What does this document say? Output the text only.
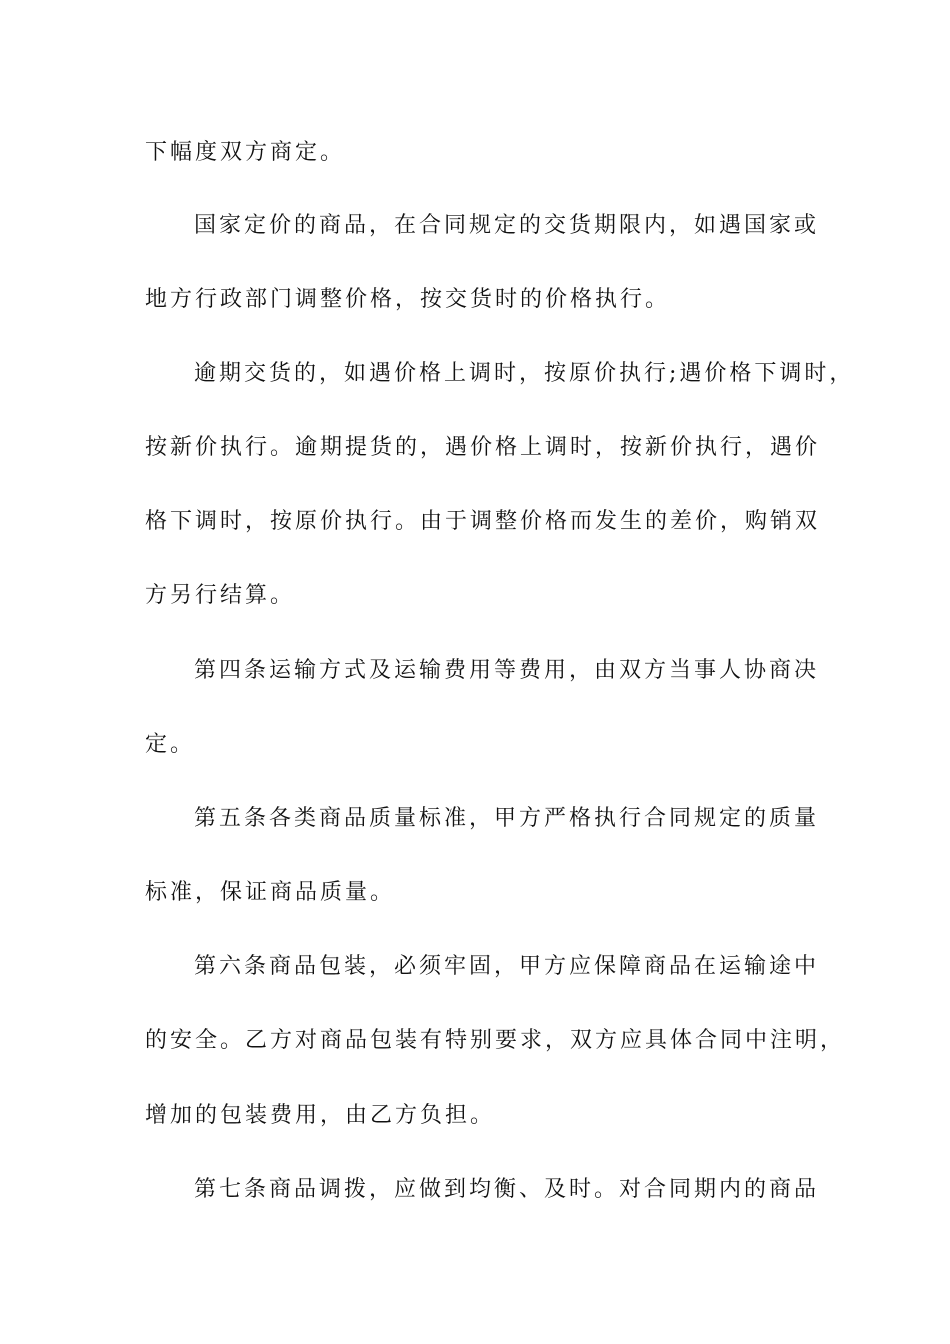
下幅度双方商定。
国家定价的商品，在合同规定的交货期限内，如遇国家或
地方行政部门调整价格，按交货时的价格执行。
逾期交货的，如遇价格上调时，按原价执行;遇价格下调时，
按新价执行。逾期提货的，遇价格上调时，按新价执行，遇价
格下调时，按原价执行。由于调整价格而发生的差价，购销双
方另行结算。
第四条运输方式及运输费用等费用，由双方当事人协商决
定。
第五条各类商品质量标准，甲方严格执行合同规定的质量
标准，保证商品质量。
第六条商品包装，必须牢固，甲方应保障商品在运输途中
的安全。乙方对商品包装有特别要求，双方应具体合同中注明，
增加的包装费用，由乙方负担。
第七条商品调拨，应做到均衡、及时。对合同期内的商品
